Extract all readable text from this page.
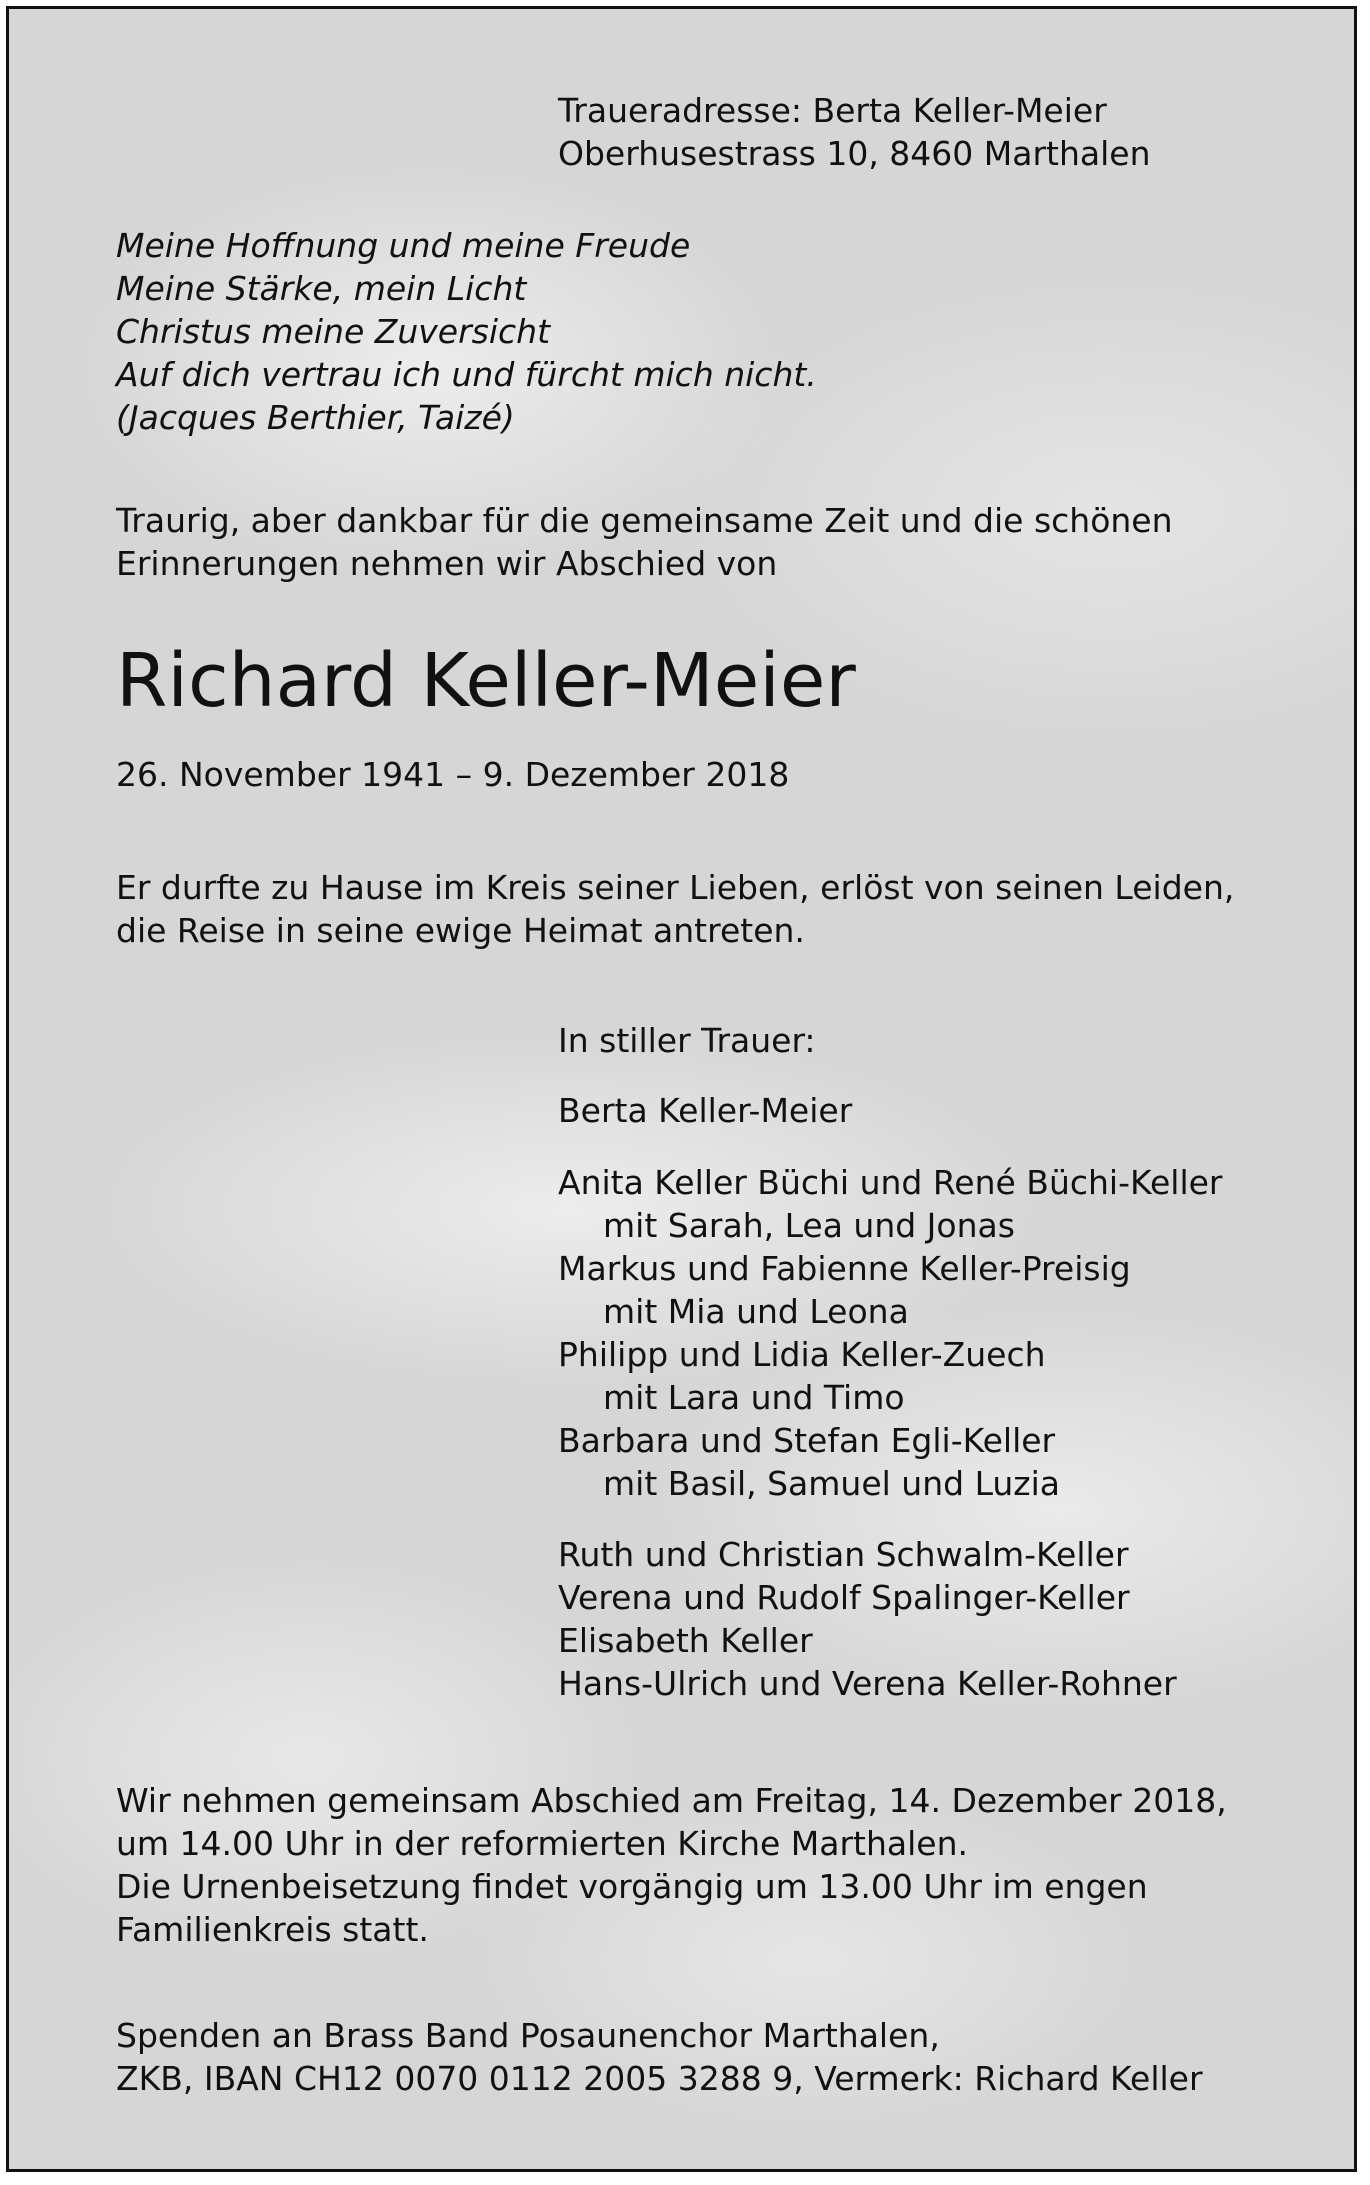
Traueradresse: Berta Keller-Meier
Oberhusestrass 10, 8460 Marthalen
Meine Hoffnung und meine Freude
Meine Stärke, mein Licht
Christus meine Zuversicht
Auf dich vertrau ich und fürcht mich nicht.
(Jacques Berthier, Taizé)
Traurig, aber dankbar für die gemeinsame Zeit und die schönen
Erinnerungen nehmen wir Abschied von
Richard Keller-Meier
26. November 1941 – 9. Dezember 2018
Er durfte zu Hause im Kreis seiner Lieben, erlöst von seinen Leiden,
die Reise in seine ewige Heimat antreten.
In stiller Trauer:
Berta Keller-Meier
Anita Keller Büchi und René Büchi-Keller
mit Sarah, Lea und Jonas
Markus und Fabienne Keller-Preisig
mit Mia und Leona
Philipp und Lidia Keller-Zuech
mit Lara und Timo
Barbara und Stefan Egli-Keller
mit Basil, Samuel und Luzia
Ruth und Christian Schwalm-Keller
Verena und Rudolf Spalinger-Keller
Elisabeth Keller
Hans-Ulrich und Verena Keller-Rohner
Wir nehmen gemeinsam Abschied am Freitag, 14. Dezember 2018,
um 14.00 Uhr in der reformierten Kirche Marthalen.
Die Urnenbeisetzung findet vorgängig um 13.00 Uhr im engen
Familienkreis statt.
Spenden an Brass Band Posaunenchor Marthalen,
ZKB, IBAN CH12 0070 0112 2005 3288 9, Vermerk: Richard Keller
